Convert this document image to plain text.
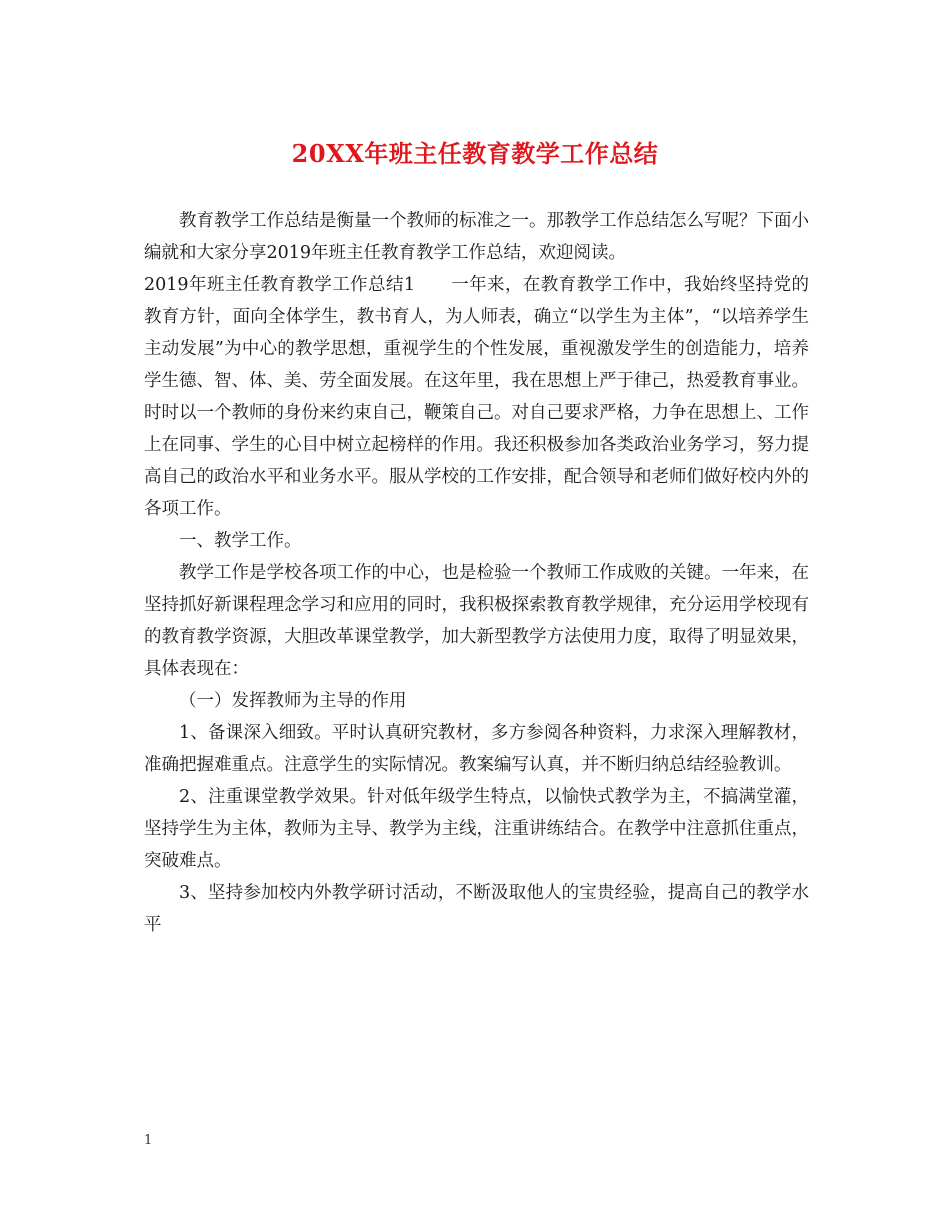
20XX年班主任教育教学工作总结

教育教学工作总结是衡量一个教师的标准之一。那教学工作总结怎么写呢？下面小编就和大家分享2019年班主任教育教学工作总结，欢迎阅读。

2019年班主任教育教学工作总结1　　一年来，在教育教学工作中，我始终坚持党的教育方针，面向全体学生，教书育人，为人师表，确立“以学生为主体”，“以培养学生主动发展”为中心的教学思想，重视学生的个性发展，重视激发学生的创造能力，培养学生德、智、体、美、劳全面发展。在这年里，我在思想上严于律己，热爱教育事业。时时以一个教师的身份来约束自己，鞭策自己。对自己要求严格，力争在思想上、工作上在同事、学生的心目中树立起榜样的作用。我还积极参加各类政治业务学习，努力提高自己的政治水平和业务水平。服从学校的工作安排，配合领导和老师们做好校内外的各项工作。

一、教学工作。

教学工作是学校各项工作的中心，也是检验一个教师工作成败的关键。一年来，在坚持抓好新课程理念学习和应用的同时，我积极探索教育教学规律，充分运用学校现有的教育教学资源，大胆改革课堂教学，加大新型教学方法使用力度，取得了明显效果，具体表现在：

（一）发挥教师为主导的作用

1、备课深入细致。平时认真研究教材，多方参阅各种资料，力求深入理解教材，准确把握难重点。注意学生的实际情况。教案编写认真，并不断归纳总结经验教训。

2、注重课堂教学效果。针对低年级学生特点，以愉快式教学为主，不搞满堂灌，坚持学生为主体，教师为主导、教学为主线，注重讲练结合。在教学中注意抓住重点，突破难点。

3、坚持参加校内外教学研讨活动，不断汲取他人的宝贵经验，提高自己的教学水平

1
